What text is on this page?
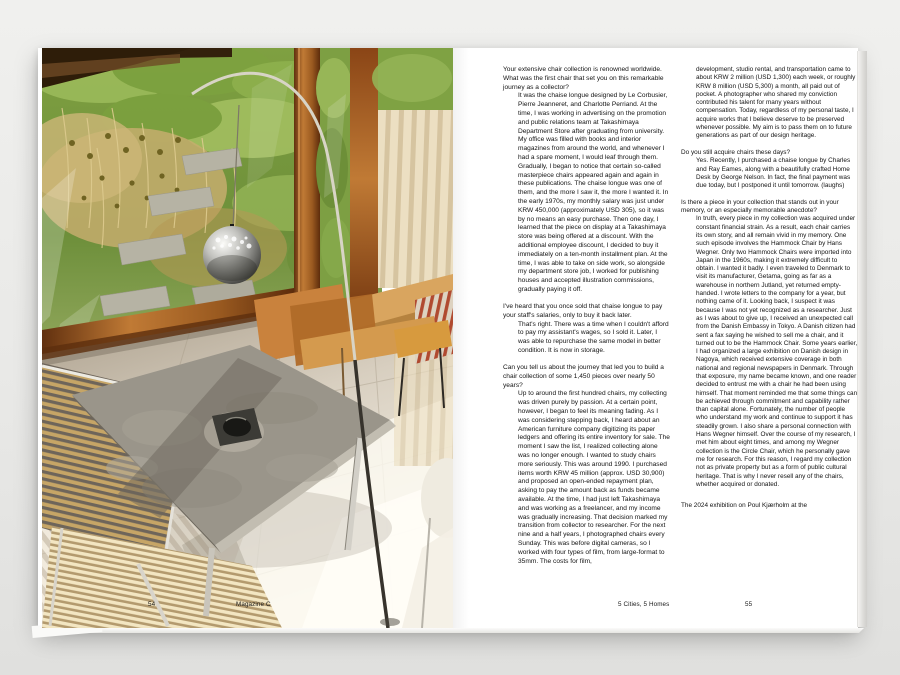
54	Magazine C

Your extensive chair collection is renowned worldwide. What was the first chair that set you on this remarkable journey as a collector?

It was the chaise longue designed by Le Corbusier, Pierre Jeanneret, and Charlotte Perriand. At the time, I was working in advertising on the promotion and public relations team at Takashimaya Department Store after graduating from university. My office was filled with books and interior magazines from around the world, and whenever I had a spare moment, I would leaf through them. Gradually, I began to notice that certain so-called masterpiece chairs appeared again and again in these publications. The chaise longue was one of them, and the more I saw it, the more I wanted it. In the early 1970s, my monthly salary was just under KRW 450,000 (approximately USD 305), so it was by no means an easy purchase. Then one day, I learned that the piece on display at a Takashimaya store was being offered at a discount. With the additional employee discount, I decided to buy it immediately on a ten-month installment plan. At the time, I was able to take on side work, so alongside my department store job, I worked for publishing houses and accepted illustration commissions, gradually paying it off.

I've heard that you once sold that chaise longue to pay your staff's salaries, only to buy it back later.

That's right. There was a time when I couldn't afford to pay my assistant's wages, so I sold it. Later, I was able to repurchase the same model in better condition. It is now in storage.

Can you tell us about the journey that led you to build a chair collection of some 1,450 pieces over nearly 50 years?

Up to around the first hundred chairs, my collecting was driven purely by passion. At a certain point, however, I began to feel its meaning fading. As I was considering stepping back, I heard about an American furniture company digitizing its paper ledgers and offering its entire inventory for sale. The moment I saw the list, I realized collecting alone was no longer enough. I wanted to study chairs more seriously. This was around 1990. I purchased items worth KRW 45 million (approx. USD 30,900) and proposed an open-ended repayment plan, asking to pay the amount back as funds became available. At the time, I had just left Takashimaya and was working as a freelancer, and my income was gradually increasing. That decision marked my transition from collector to researcher. For the next nine and a half years, I photographed chairs every Sunday. This was before digital cameras, so I worked with four types of film, from large-format to 35mm. The costs for film,

development, studio rental, and transportation came to about KRW 2 million (USD 1,300) each week, or roughly KRW 8 million (USD 5,300) a month, all paid out of pocket. A photographer who shared my conviction contributed his talent for many years without compensation. Today, regardless of my personal taste, I acquire works that I believe deserve to be preserved whenever possible. My aim is to pass them on to future generations as part of our design heritage.

Do you still acquire chairs these days?

Yes. Recently, I purchased a chaise longue by Charles and Ray Eames, along with a beautifully crafted Home Desk by George Nelson. In fact, the final payment was due today, but I postponed it until tomorrow. (laughs)

Is there a piece in your collection that stands out in your memory, or an especially memorable anecdote?

In truth, every piece in my collection was acquired under constant financial strain. As a result, each chair carries its own story, and all remain vivid in my memory. One such episode involves the Hammock Chair by Hans Wegner. Only two Hammock Chairs were imported into Japan in the 1960s, making it extremely difficult to obtain. I wanted it badly. I even traveled to Denmark to visit its manufacturer, Getama, going as far as a warehouse in northern Jutland, yet returned empty-handed. I wrote letters to the company for a year, but nothing came of it. Looking back, I suspect it was because I was not yet recognized as a researcher. Just as I was about to give up, I received an unexpected call from the Danish Embassy in Tokyo. A Danish citizen had sent a fax saying he wished to sell me a chair, and it turned out to be the Hammock Chair. Some years earlier, I had organized a large exhibition on Danish design in Nagoya, which received extensive coverage in both national and regional newspapers in Denmark. Through that exposure, my name became known, and one reader decided to entrust me with a chair he had been using himself. That moment reminded me that some things can be achieved through commitment and capability rather than capital alone. Fortunately, the number of people who understand my work and continue to support it has steadily grown. I also share a personal connection with Hans Wegner himself. Over the course of my research, I met him about eight times, and among my Wegner collection is the Circle Chair, which he personally gave me for research. For this reason, I regard my collection not as private property but as a form of public cultural heritage. That is why I never resell any of the chairs, whether acquired or donated.

The 2024 exhibition on Poul Kjærholm at the

5 Cities, 5 Homes	55
